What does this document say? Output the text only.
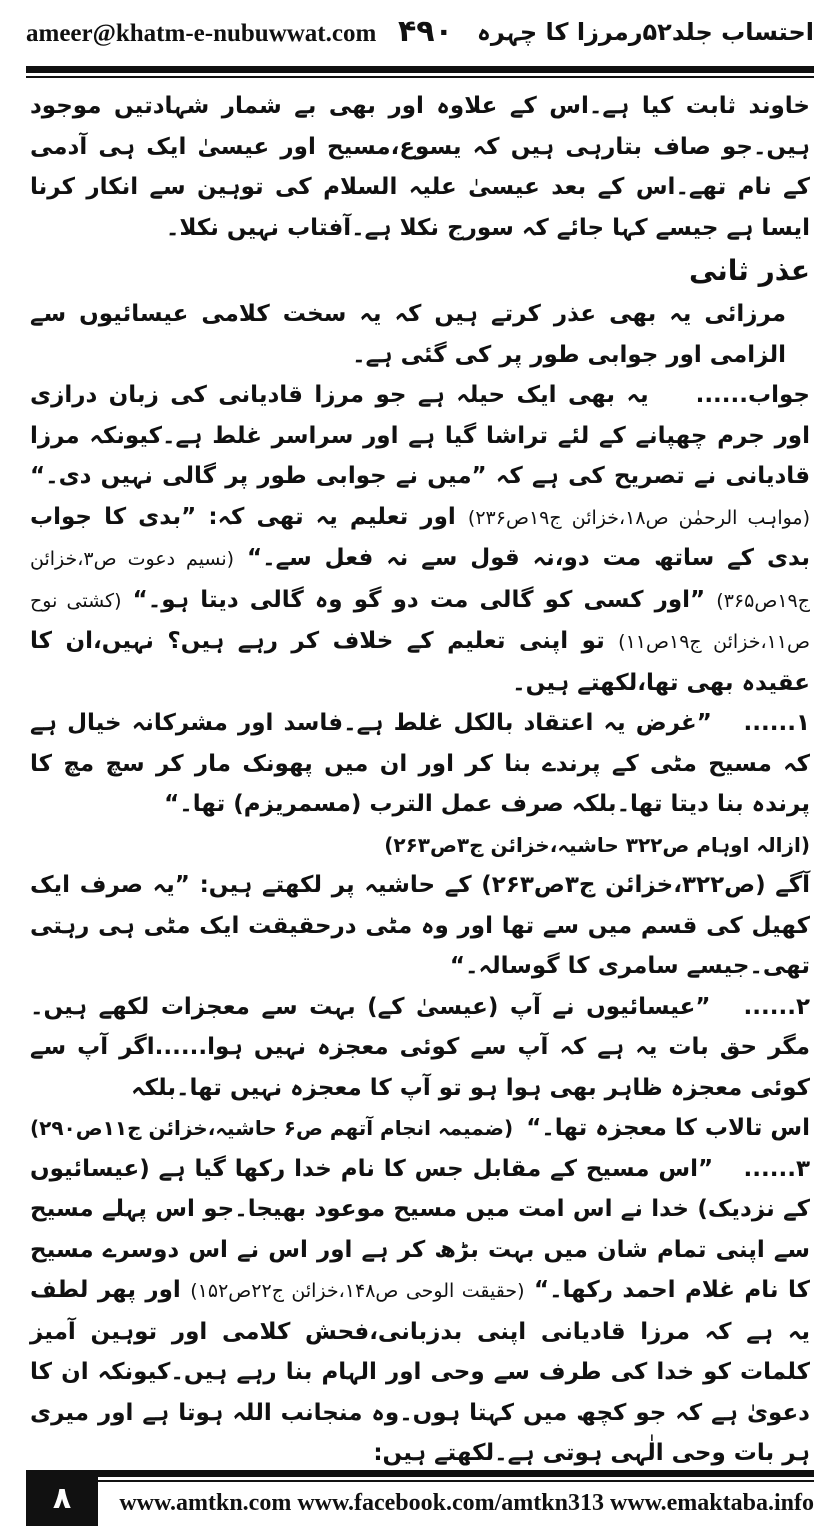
ameer@khatm-e-nubuwwat.com ۴۹۰ احتساب جلد۵۲رمرزا کا چہرہ

خاوند ثابت کیا ہے۔اس کے علاوہ اور بھی بے شمار شہادتیں موجود ہیں۔جو صاف بتارہی ہیں کہ یسوع،مسیح اور عیسیٰ ایک ہی آدمی کے نام تھے۔اس کے بعد عیسیٰ علیہ السلام کی توہین سے انکار کرنا ایسا ہے جیسے کہا جائے کہ سورج نکلا ہے۔آفتاب نہیں نکلا۔

عذر ثانی

مرزائی یہ بھی عذر کرتے ہیں کہ یہ سخت کلامی عیسائیوں سے الزامی اور جوابی طور پر کی گئی ہے۔

جواب...... یہ بھی ایک حیلہ ہے جو مرزا قادیانی کی زبان درازی اور جرم چھپانے کے لئے تراشا گیا ہے اور سراسر غلط ہے۔کیونکہ مرزا قادیانی نے تصریح کی ہے کہ ”میں نے جوابی طور پر گالی نہیں دی۔“ (مواہب الرحمٰن ص۱۸،خزائن ج۱۹ص۲۳۶) اور تعلیم یہ تھی کہ: ”بدی کا جواب بدی کے ساتھ مت دو،نہ قول سے نہ فعل سے۔“ (نسیم دعوت ص۳،خزائن ج۱۹ص۳۶۵) ”اور کسی کو گالی مت دو گو وہ گالی دیتا ہو۔“ (کشتی نوح ص۱۱،خزائن ج۱۹ص۱۱) تو اپنی تعلیم کے خلاف کر رہے ہیں؟ نہیں،ان کا عقیدہ بھی تھا،لکھتے ہیں۔

۱...... ”غرض یہ اعتقاد بالکل غلط ہے۔فاسد اور مشرکانہ خیال ہے کہ مسیح مٹی کے پرندے بنا کر اور ان میں پھونک مار کر سچ مچ کا پرندہ بنا دیتا تھا۔بلکہ صرف عمل الترب (مسمریزم) تھا۔“

(ازالہ اوہام ص۳۲۲ حاشیہ،خزائن ج۳ص۲۶۳)

آگے (ص۳۲۲،خزائن ج۳ص۲۶۳) کے حاشیہ پر لکھتے ہیں: ”یہ صرف ایک کھیل کی قسم میں سے تھا اور وہ مٹی درحقیقت ایک مٹی ہی رہتی تھی۔جیسے سامری کا گوسالہ۔“

۲...... ”عیسائیوں نے آپ (عیسیٰ کے) بہت سے معجزات لکھے ہیں۔مگر حق بات یہ ہے کہ آپ سے کوئی معجزہ نہیں ہوا......اگر آپ سے کوئی معجزہ ظاہر بھی ہوا ہو تو آپ کا معجزہ نہیں تھا۔بلکہ

اس تالاب کا معجزہ تھا۔“
(ضمیمہ انجام آتھم ص۶ حاشیہ،خزائن ج۱۱ص۲۹۰)

۳...... ”اس مسیح کے مقابل جس کا نام خدا رکھا گیا ہے (عیسائیوں کے نزدیک) خدا نے اس امت میں مسیح موعود بھیجا۔جو اس پہلے مسیح سے اپنی تمام شان میں بہت بڑھ کر ہے اور اس نے اس دوسرے مسیح کا نام غلام احمد رکھا۔“ (حقیقت الوحی ص۱۴۸،خزائن ج۲۲ص۱۵۲) اور پھر لطف یہ ہے کہ مرزا قادیانی اپنی بدزبانی،فحش کلامی اور توہین آمیز کلمات کو خدا کی طرف سے وحی اور الہام بنا رہے ہیں۔کیونکہ ان کا دعویٰ ہے کہ جو کچھ میں کہتا ہوں۔وہ منجانب اللہ ہوتا ہے اور میری ہر بات وحی الٰہی ہوتی ہے۔لکھتے ہیں:

۸	www.amtkn.com www.facebook.com/amtkn313 www.emaktaba.info
